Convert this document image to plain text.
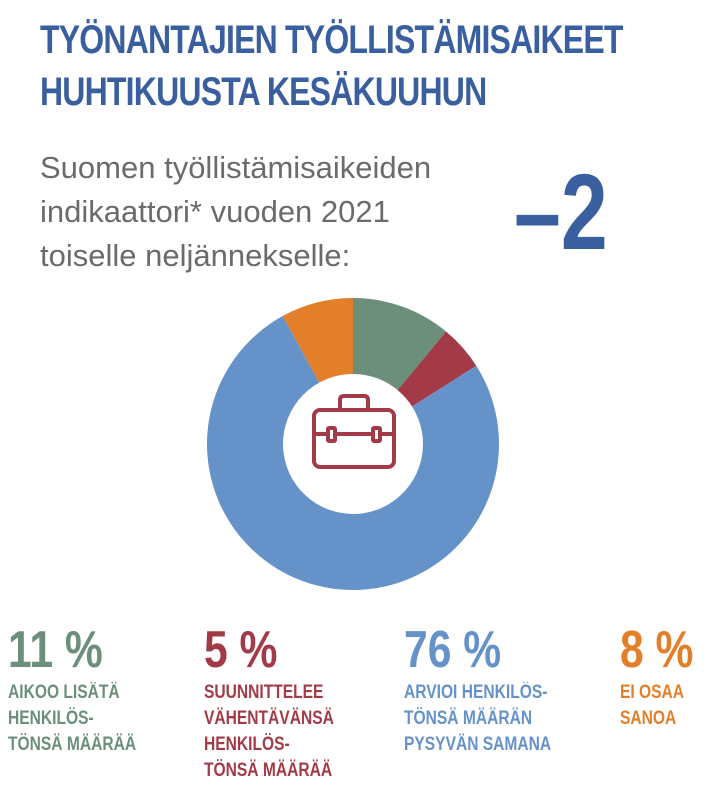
TYÖNANTAJIEN TYÖLLISTÄMISAIKEET
HUHTIKUUSTA KESÄKUUHUN
Suomen työllistämisaikeiden
indikaattori* vuoden 2021
toiselle neljännekselle:	–2
11 %
AIKOO LISÄTÄ
HENKILÖS-
TÖNSÄ MÄÄRÄÄ
5 %
SUUNNITTELEE
VÄHENTÄVÄNSÄ
HENKILÖS-
TÖNSÄ MÄÄRÄÄ
76 %
ARVIOI HENKILÖS-
TÖNSÄ MÄÄRÄN
PYSYVÄN SAMANA
8 %
EI OSAA
SANOA
